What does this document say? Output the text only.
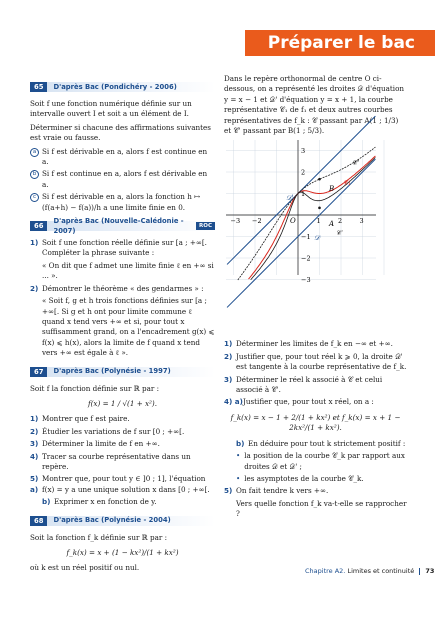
Préparer le bac
65	D'après Bac (Pondichéry - 2006)

Soit f une fonction numérique définie sur un intervalle ouvert I et soit a un élément de I.

Déterminer si chacune des affirmations suivantes est vraie ou fausse.

a Si f est dérivable en a, alors f est continue en a.
b Si f est continue en a, alors f est dérivable en a.
c Si f est dérivable en a, alors la fonction h ↦ (f(a+h) − f(a))/h a une limite finie en 0.
66
D'après Bac (Nouvelle-Calédonie - 2007)
ROC
1) Soit f une fonction réelle définie sur [a ; +∞[. Compléter la phrase suivante :
« On dit que f admet une limite finie ℓ en +∞ si ... ».
2) Démontrer le théorème « des gendarmes » :
« Soit f, g et h trois fonctions définies sur [a ; +∞[. Si g et h ont pour limite commune ℓ quand x tend vers +∞ et si, pour tout x suffisamment grand, on a l'encadrement g(x) ⩽ f(x) ⩽ h(x), alors la limite de f quand x tend vers +∞ est égale à ℓ ».
67	D'après Bac (Polynésie - 1997)

Soit f la fonction définie sur ℝ par :

f(x) = 1 / √(1 + x²).
1) Montrer que f est paire.
2) Étudier les variations de f sur [0 ; +∞[.
3) Déterminer la limite de f en +∞.
4) Tracer sa courbe représentative dans un repère.
5) a)
Montrer que, pour tout y ∈ ]0 ; 1], l'équation f(x) = y a une unique solution x dans [0 ; +∞[.
b) Exprimer x en fonction de y.
68	D'après Bac (Polynésie - 2004)

Soit la fonction f_k définie sur ℝ par :

f_k(x) = x + (1 − kx²)/(1 + kx²)

où k est un réel positif ou nul.

Dans le repère orthonormal de centre O ci-dessous, on a représenté les droites 𝒟 d'équation y = x − 1 et 𝒟' d'équation y = x + 1, la courbe représentative 𝒞₁ de f₁ et deux autres courbes représentatives de f_k : 𝒞 passant par A(1 ; 1/3) et 𝒞' passant par B(1 ; 5/3).

1) Déterminer les limites de f_k en −∞ et +∞.
2) Justifier que, pour tout réel k ⩾ 0, la droite 𝒟' est tangente à la courbe représentative de f_k.
3) Déterminer le réel k associé à 𝒞 et celui associé à 𝒞'.
4) a) Justifier que, pour tout x réel, on a :
f_k(x) = x − 1 + 2/(1 + kx²) et f_k(x) = x + 1 − 2kx²/(1 + kx²).
b) En déduire pour tout k strictement positif :
• la position de la courbe 𝒞_k par rapport aux droites 𝒟 et 𝒟' ;
• les asymptotes de la courbe 𝒞_k.
5) On fait tendre k vers +∞.
Vers quelle fonction f_k va-t-elle se rapprocher ?
−3 −2	1	2	3
3
2
1
−1
−2
−3
A
B
O
𝒞₁
𝒞
𝒞'
𝒟
𝒟'
Chapitre A2. Limites et continuité 73
